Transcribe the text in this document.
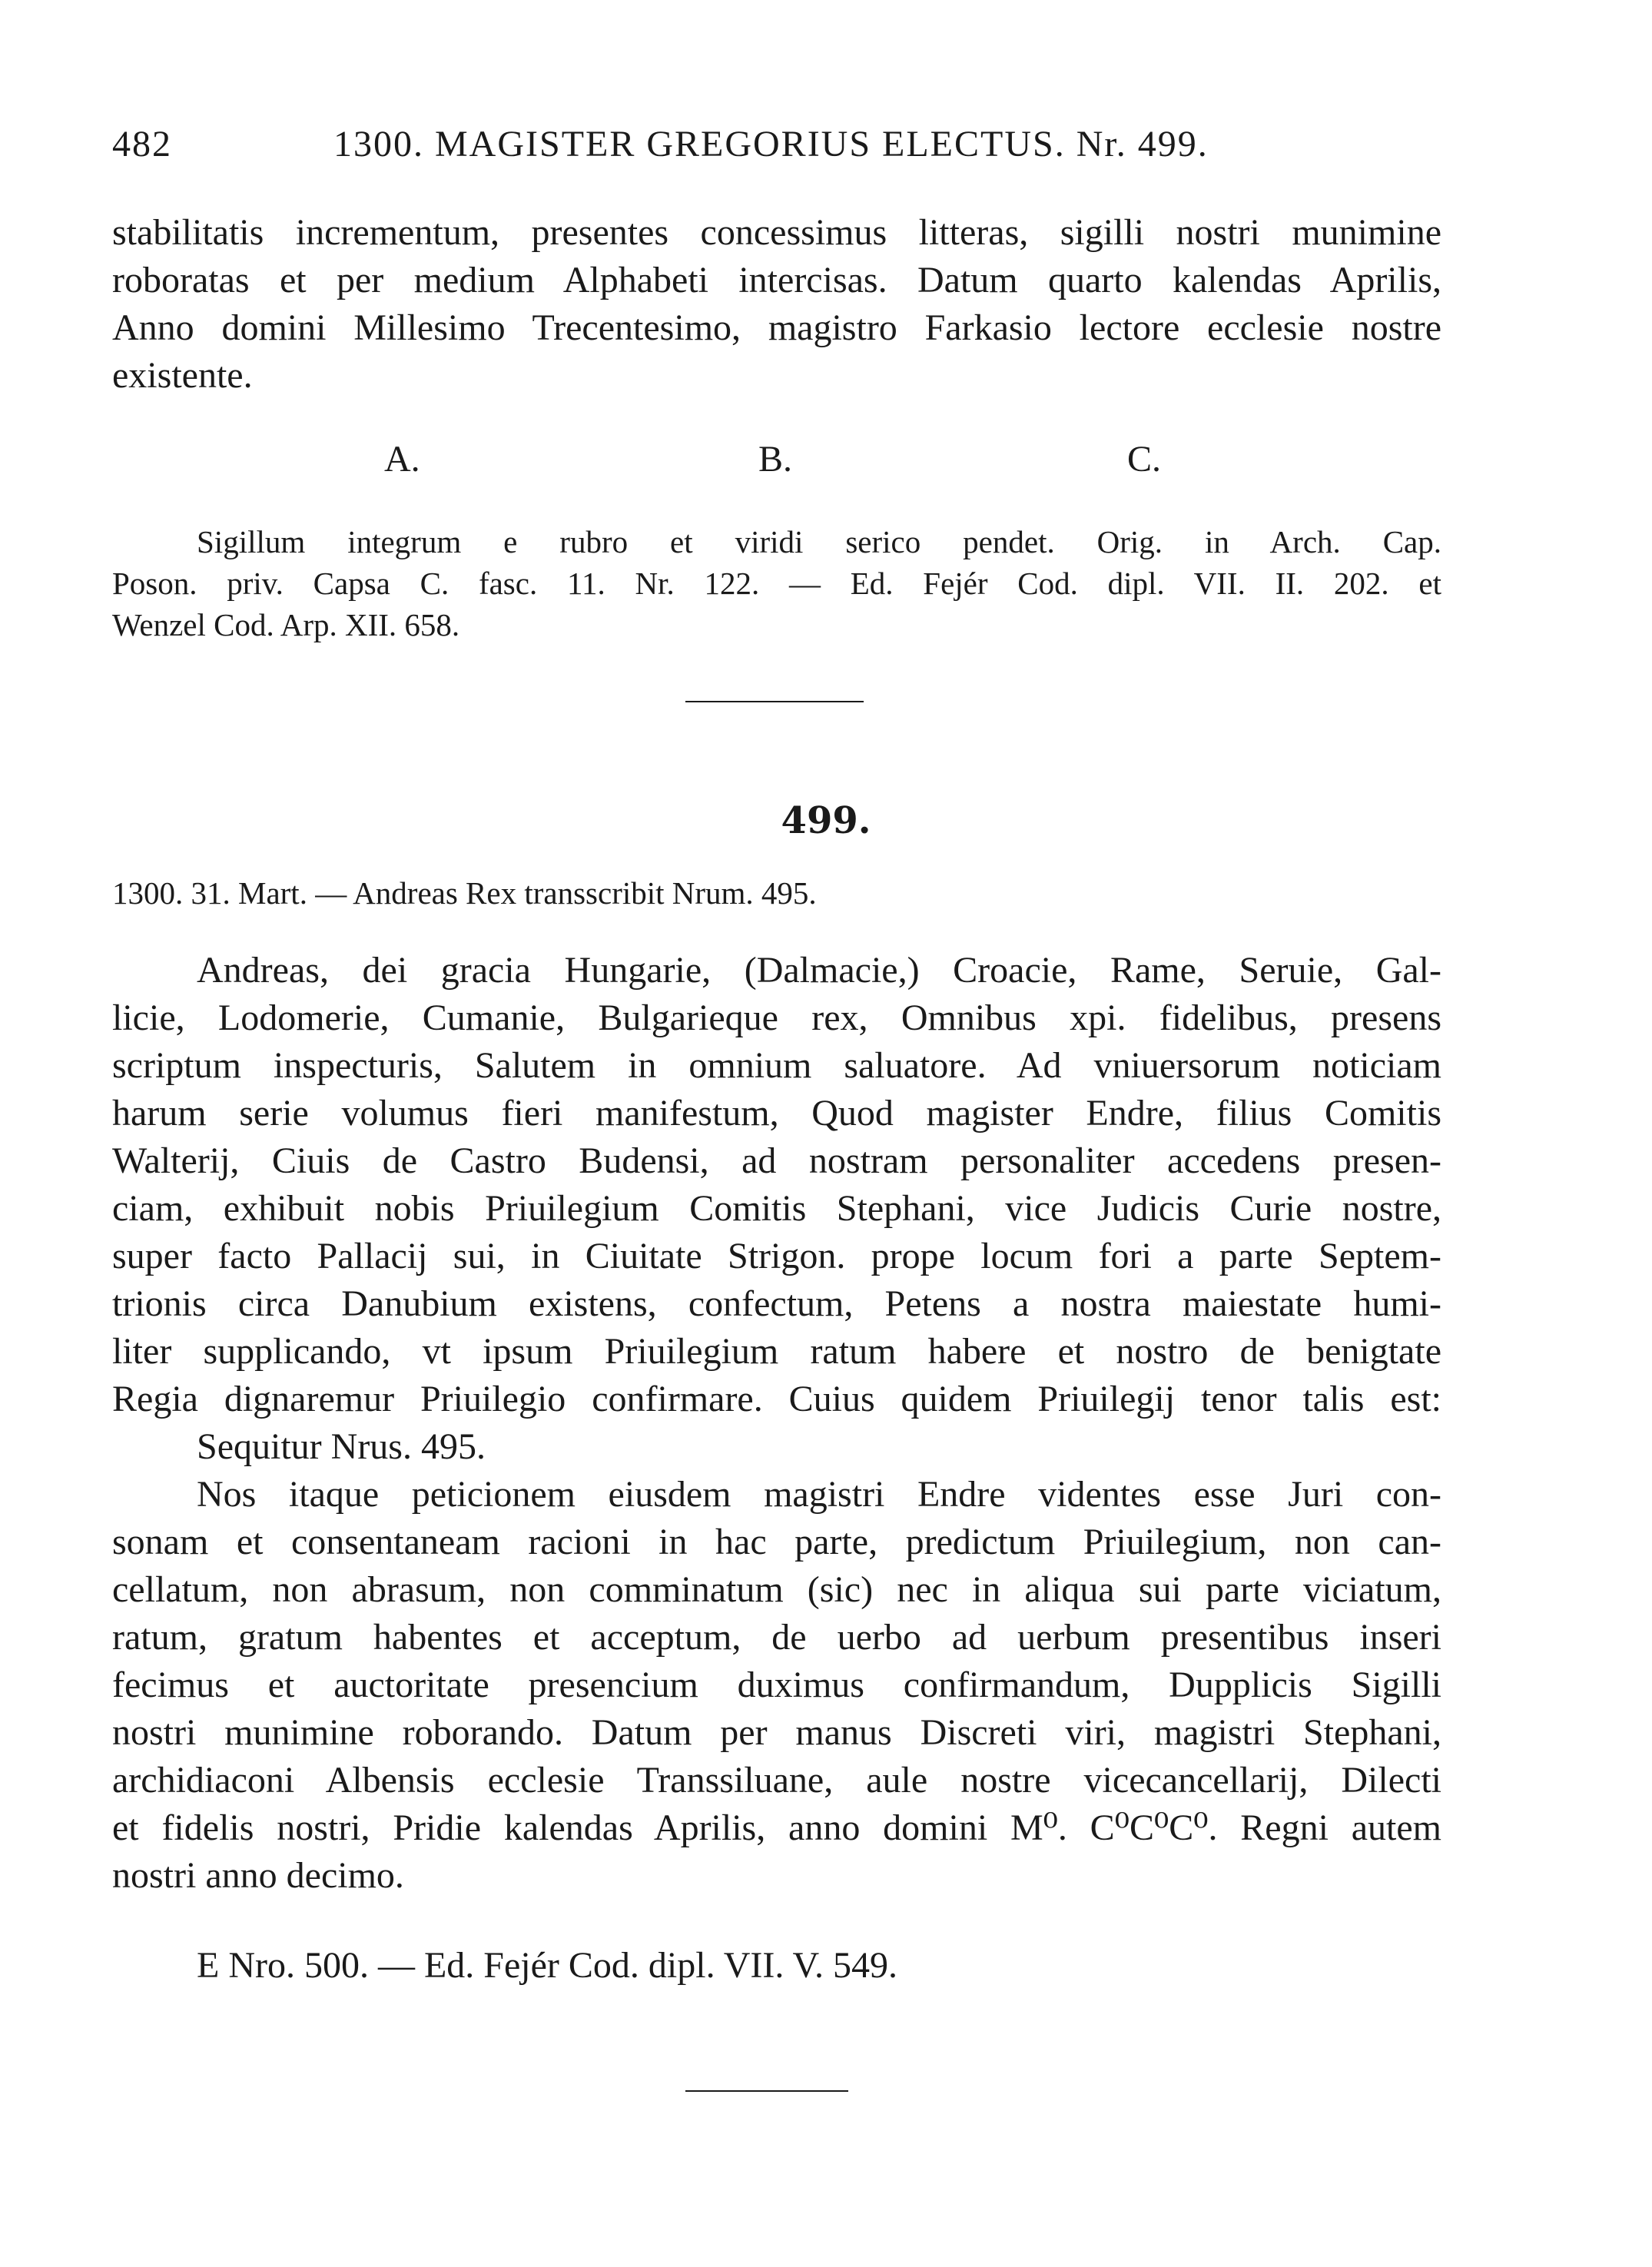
482	1300. MAGISTER GREGORIUS ELECTUS. Nr. 499.

stabilitatis incrementum, presentes concessimus litteras, sigilli nostri munimine

roboratas et per medium Alphabeti intercisas. Datum quarto kalendas Aprilis,

Anno domini Millesimo Trecentesimo, magistro Farkasio lectore ecclesie nostre

existente.

A.	B.	C.

Sigillum integrum e rubro et viridi serico pendet. Orig. in Arch. Cap.

Poson. priv. Capsa C. fasc. 11. Nr. 122. — Ed. Fejér Cod. dipl. VII. II. 202. et

Wenzel Cod. Arp. XII. 658.

499.
1300. 31. Mart. — Andreas Rex transscribit Nrum. 495.

Andreas, dei gracia Hungarie, (Dalmacie,) Croacie, Rame, Seruie, Gal-

licie, Lodomerie, Cumanie, Bulgarieque rex, Omnibus xpi. fidelibus, presens

scriptum inspecturis, Salutem in omnium saluatore. Ad vniuersorum noticiam

harum serie volumus fieri manifestum, Quod magister Endre, filius Comitis

Walterij, Ciuis de Castro Budensi, ad nostram personaliter accedens presen-

ciam, exhibuit nobis Priuilegium Comitis Stephani, vice Judicis Curie nostre,

super facto Pallacij sui, in Ciuitate Strigon. prope locum fori a parte Septem-

trionis circa Danubium existens, confectum, Petens a nostra maiestate humi-

liter supplicando, vt ipsum Priuilegium ratum habere et nostro de benigtate

Regia dignaremur Priuilegio confirmare. Cuius quidem Priuilegij tenor talis est:

Sequitur Nrus. 495.

Nos itaque peticionem eiusdem magistri Endre videntes esse Juri con-

sonam et consentaneam racioni in hac parte, predictum Priuilegium, non can-

cellatum, non abrasum, non comminatum (sic) nec in aliqua sui parte viciatum,

ratum, gratum habentes et acceptum, de uerbo ad uerbum presentibus inseri

fecimus et auctoritate presencium duximus confirmandum, Dupplicis Sigilli

nostri munimine roborando. Datum per manus Discreti viri, magistri Stephani,

archidiaconi Albensis ecclesie Transsiluane, aule nostre vicecancellarij, Dilecti

et fidelis nostri, Pridie kalendas Aprilis, anno domini M⁰. C⁰C⁰C⁰. Regni autem

nostri anno decimo.

E Nro. 500. — Ed. Fejér Cod. dipl. VII. V. 549.
